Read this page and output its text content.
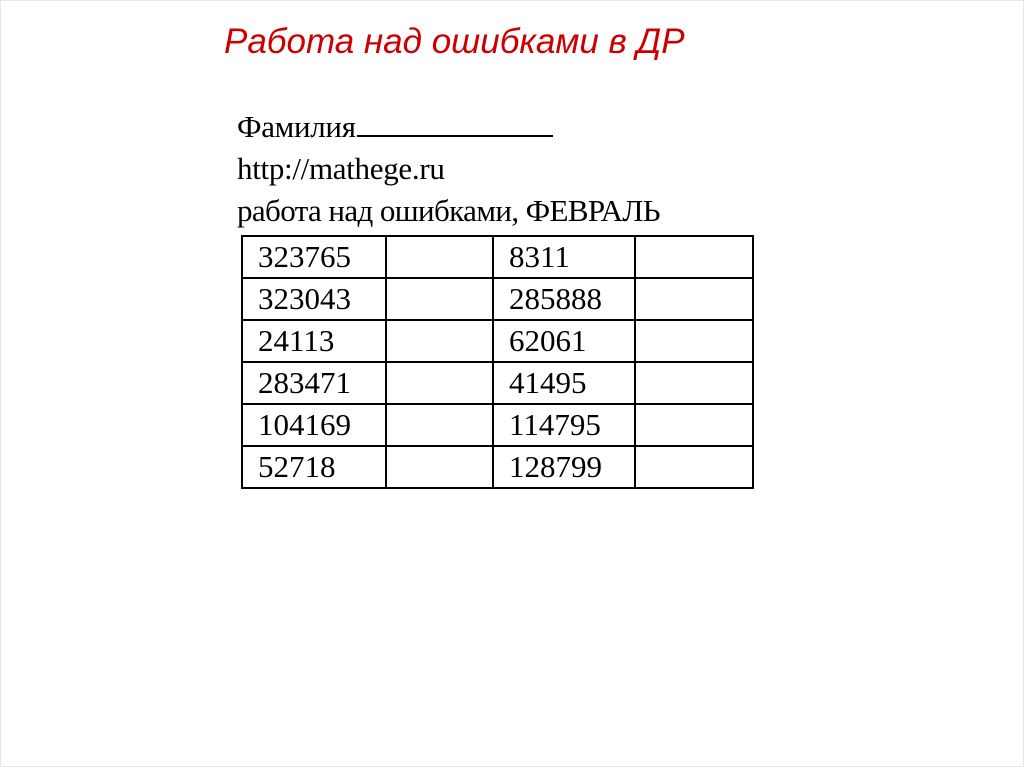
Работа над ошибками в ДР
Фамилия
http://mathege.ru
работа над ошибками, ФЕВРАЛЬ
323765		8311	
323043		285888	
24113		62061	
283471		41495	
104169		114795	
52718		128799	
